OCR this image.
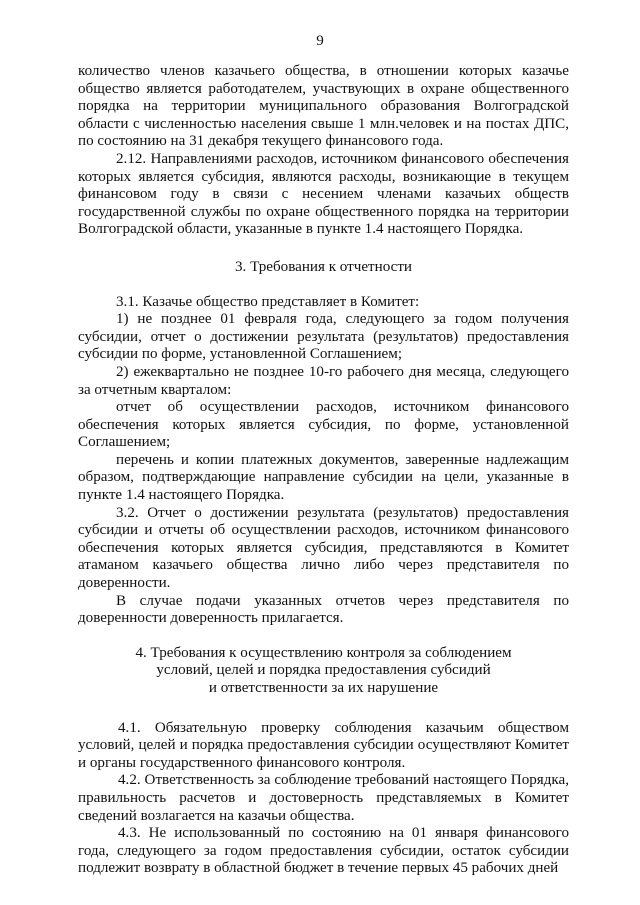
9

количество членов казачьего общества, в отношении которых казачье общество является работодателем, участвующих в охране общественного порядка на территории муниципального образования Волгоградской области с численностью населения свыше 1 млн.человек и на постах ДПС, по состоянию на 31 декабря текущего финансового года.

2.12. Направлениями расходов, источником финансового обеспечения которых является субсидия, являются расходы, возникающие в текущем финансовом году в связи с несением членами казачьих обществ государственной службы по охране общественного порядка на территории Волгоградской области, указанные в пункте 1.4 настоящего Порядка.

3. Требования к отчетности

3.1. Казачье общество представляет в Комитет:

1) не позднее 01 февраля года, следующего за годом получения субсидии, отчет о достижении результата (результатов) предоставления субсидии по форме, установленной Соглашением;

2) ежеквартально не позднее 10-го рабочего дня месяца, следующего за отчетным кварталом:

отчет об осуществлении расходов, источником финансового обеспечения которых является субсидия, по форме, установленной Соглашением;

перечень и копии платежных документов, заверенные надлежащим образом, подтверждающие направление субсидии на цели, указанные в пункте 1.4 настоящего Порядка.

3.2. Отчет о достижении результата (результатов) предоставления субсидии и отчеты об осуществлении расходов, источником финансового обеспечения которых является субсидия, представляются в Комитет атаманом казачьего общества лично либо через представителя по доверенности.

В случае подачи указанных отчетов через представителя по доверенности доверенность прилагается.

4. Требования к осуществлению контроля за соблюдением
условий, целей и порядка предоставления субсидий
и ответственности за их нарушение

4.1. Обязательную проверку соблюдения казачьим обществом условий, целей и порядка предоставления субсидии осуществляют Комитет и органы государственного финансового контроля.

4.2. Ответственность за соблюдение требований настоящего Порядка, правильность расчетов и достоверность представляемых в Комитет сведений возлагается на казачьи общества.

4.3. Не использованный по состоянию на 01 января финансового года, следующего за годом предоставления субсидии, остаток субсидии подлежит возврату в областной бюджет в течение первых 45 рабочих дней
